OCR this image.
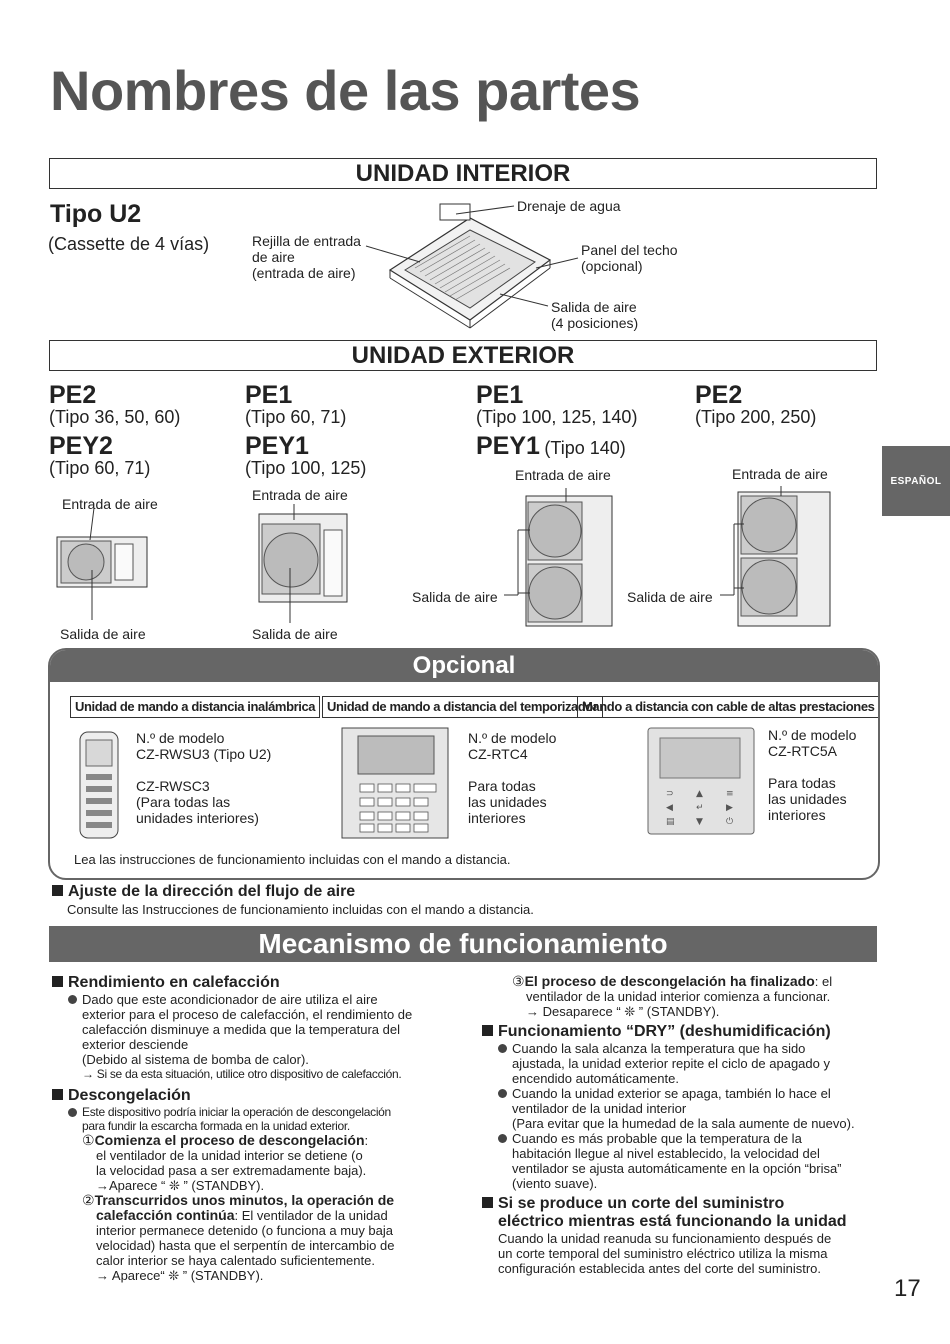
Nombres de las partes
ESPAÑOL
UNIDAD INTERIOR
Tipo U2
(Cassette de 4 vías)
Drenaje de agua
Rejilla de entrada
de aire
(entrada de aire)
Panel del techo
(opcional)
Salida de aire
(4 posiciones)
UNIDAD EXTERIOR
PE2
(Tipo 36, 50, 60)
PEY2
(Tipo 60, 71)
PE1
(Tipo 60, 71)
PEY1
(Tipo 100, 125)
PE1
(Tipo 100, 125, 140)
PEY1 (Tipo 140)
PE2
(Tipo 200, 250)
Entrada de aire
Salida de aire
Entrada de aire
Salida de aire
Entrada de aire
Salida de aire
Entrada de aire
Salida de aire
Opcional
Unidad de mando a distancia inalámbrica Unidad de mando a distancia del temporizador
Mando a distancia con cable de altas prestaciones
⊃ ▲	≡
◀	↵ ▶
▤ ▼	⏻
N.º de modelo
CZ-RWSU3 (Tipo U2)
CZ-RWSC3
(Para todas las
unidades interiores)
N.º de modelo
CZ-RTC4
Para todas
las unidades
interiores
N.º de modelo
CZ-RTC5A
Para todas
las unidades
interiores
Lea las instrucciones de funcionamiento incluidas con el mando a distancia.
Ajuste de la dirección del flujo de aire
Consulte las Instrucciones de funcionamiento incluidas con el mando a distancia.
Mecanismo de funcionamiento
Rendimiento en calefacción
Dado que este acondicionador de aire utiliza el aire
exterior para el proceso de calefacción, el rendimiento de
calefacción disminuye a medida que la temperatura del
exterior desciende
(Debido al sistema de bomba de calor).
→ Si se da esta situación, utilice otro dispositivo de calefacción.
Descongelación
Este dispositivo podría iniciar la operación de descongelación
para fundir la escarcha formada en la unidad exterior.
①Comienza el proceso de descongelación:
el ventilador de la unidad interior se detiene (o
la velocidad pasa a ser extremadamente baja).
→Aparece “ ❊ ” (STANDBY).
②Transcurridos unos minutos, la operación de
calefacción continúa: El ventilador de la unidad
interior permanece detenido (o funciona a muy baja
velocidad) hasta que el serpentín de intercambio de
calor interior se haya calentado suficientemente.
→ Aparece“ ❊ ” (STANDBY).
③El proceso de descongelación ha finalizado: el
ventilador de la unidad interior comienza a funcionar.
→ Desaparece “ ❊ ” (STANDBY).
Funcionamiento “DRY” (deshumidificación)
Cuando la sala alcanza la temperatura que ha sido
ajustada, la unidad exterior repite el ciclo de apagado y
encendido automáticamente.
Cuando la unidad exterior se apaga, también lo hace el
ventilador de la unidad interior
(Para evitar que la humedad de la sala aumente de nuevo).
Cuando es más probable que la temperatura de la
habitación llegue al nivel establecido, la velocidad del
ventilador se ajusta automáticamente en la opción “brisa”
(viento suave).
Si se produce un corte del suministro
eléctrico mientras está funcionando la unidad
Cuando la unidad reanuda su funcionamiento después de
un corte temporal del suministro eléctrico utiliza la misma
configuración establecida antes del corte del suministro.
17
